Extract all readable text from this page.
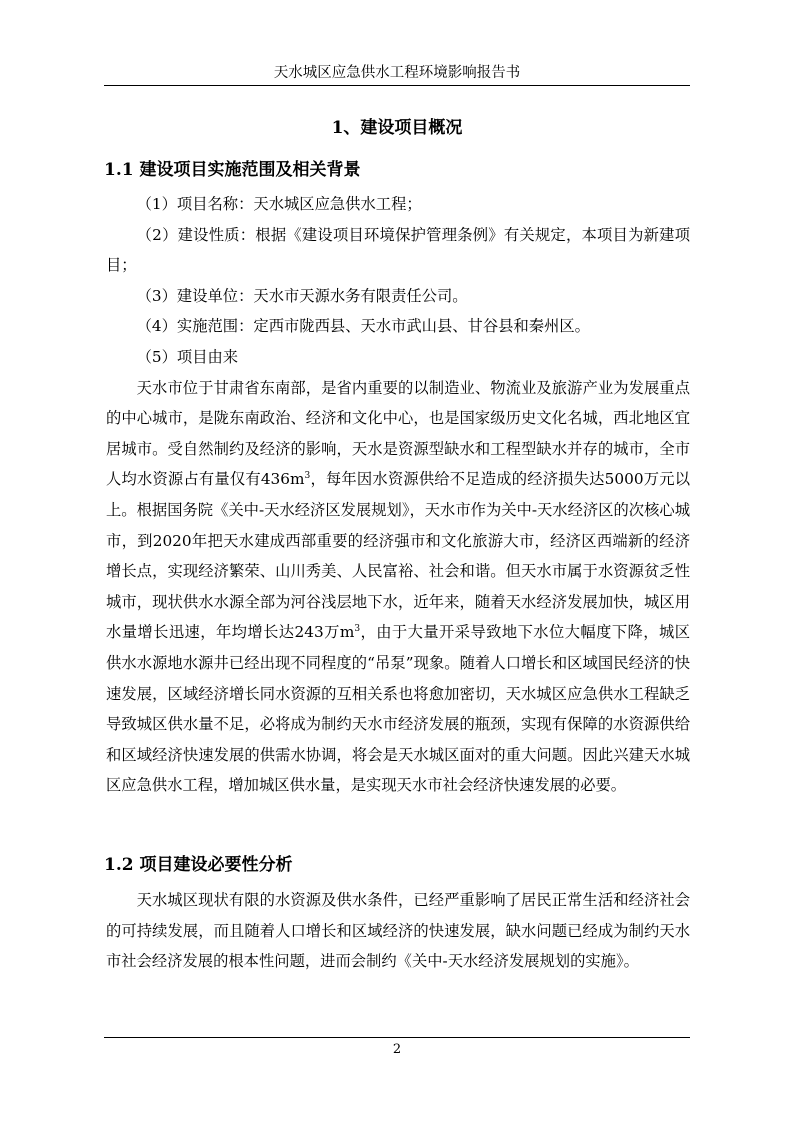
天水城区应急供水工程环境影响报告书
1、建设项目概况
1.1 建设项目实施范围及相关背景

（1）项目名称：天水城区应急供水工程；

（2）建设性质：根据《建设项目环境保护管理条例》有关规定，本项目为新建项目；

（3）建设单位：天水市天源水务有限责任公司。

（4）实施范围：定西市陇西县、天水市武山县、甘谷县和秦州区。

（5）项目由来

天水市位于甘肃省东南部，是省内重要的以制造业、物流业及旅游产业为发展重点的中心城市，是陇东南政治、经济和文化中心，也是国家级历史文化名城，西北地区宜居城市。受自然制约及经济的影响，天水是资源型缺水和工程型缺水并存的城市，全市人均水资源占有量仅有$436m^3$，每年因水资源供给不足造成的经济损失达5000万元以上。根据国务院《关中-天水经济区发展规划》，天水市作为关中-天水经济区的次核心城市，到2020年把天水建成西部重要的经济强市和文化旅游大市，经济区西端新的经济增长点，实现经济繁荣、山川秀美、人民富裕、社会和谐。但天水市属于水资源贫乏性城市，现状供水水源全部为河谷浅层地下水，近年来，随着天水经济发展加快，城区用水量增长迅速，年均增长达243万$m^3$，由于大量开采导致地下水位大幅度下降，城区供水水源地水源井已经出现不同程度的“吊泵”现象。随着人口增长和区域国民经济的快速发展，区域经济增长同水资源的互相关系也将愈加密切，天水城区应急供水工程缺乏导致城区供水量不足，必将成为制约天水市经济发展的瓶颈，实现有保障的水资源供给和区域经济快速发展的供需水协调，将会是天水城区面对的重大问题。因此兴建天水城区应急供水工程，增加城区供水量，是实现天水市社会经济快速发展的必要。

1.2 项目建设必要性分析

天水城区现状有限的水资源及供水条件，已经严重影响了居民正常生活和经济社会的可持续发展，而且随着人口增长和区域经济的快速发展，缺水问题已经成为制约天水市社会经济发展的根本性问题，进而会制约《关中-天水经济发展规划的实施》。

2
